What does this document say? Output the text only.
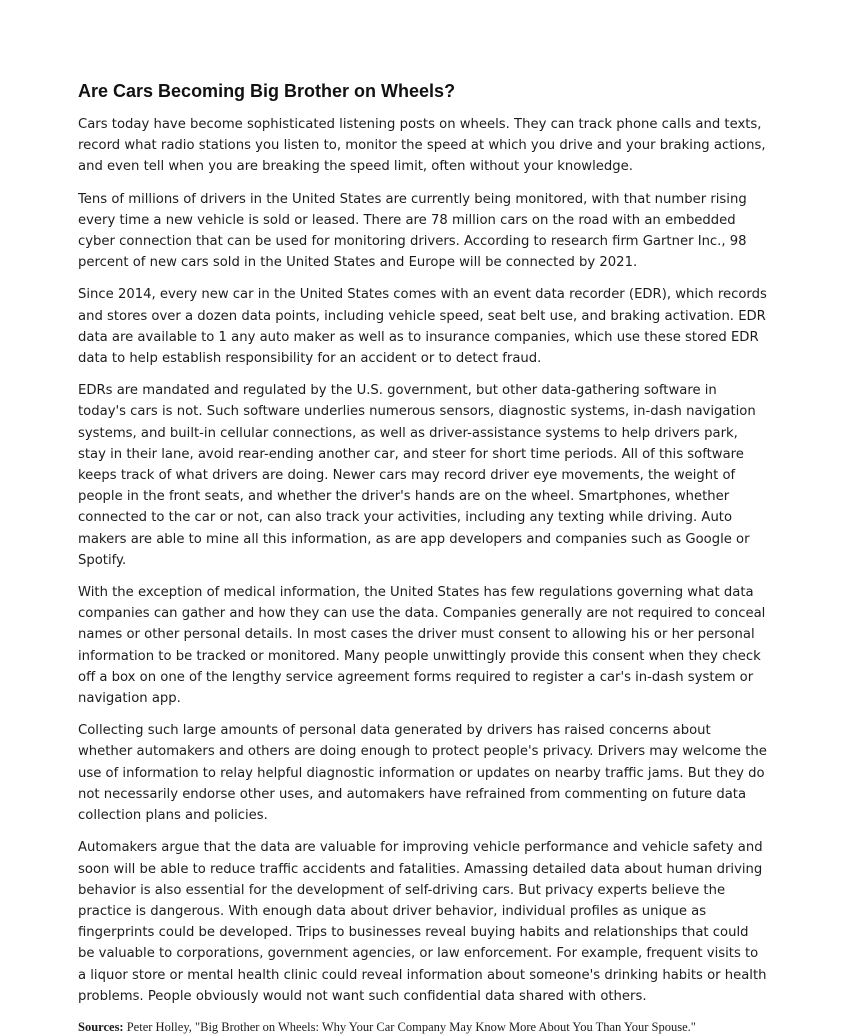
Are Cars Becoming Big Brother on Wheels?

Cars today have become sophisticated listening posts on wheels. They can track phone calls and texts, record what radio stations you listen to, monitor the speed at which you drive and your braking actions, and even tell when you are breaking the speed limit, often without your knowledge.

Tens of millions of drivers in the United States are currently being monitored, with that number rising every time a new vehicle is sold or leased. There are 78 million cars on the road with an embedded cyber connection that can be used for monitoring drivers. According to research firm Gartner Inc., 98 percent of new cars sold in the United States and Europe will be connected by 2021.

Since 2014, every new car in the United States comes with an event data recorder (EDR), which records and stores over a dozen data points, including vehicle speed, seat belt use, and braking activation. EDR data are available to 1 any auto maker as well as to insurance companies, which use these stored EDR data to help establish responsibility for an accident or to detect fraud.

EDRs are mandated and regulated by the U.S. government, but other data-gathering software in today's cars is not. Such software underlies numerous sensors, diagnostic systems, in-dash navigation systems, and built-in cellular connections, as well as driver-assistance systems to help drivers park, stay in their lane, avoid rear-ending another car, and steer for short time periods. All of this software keeps track of what drivers are doing. Newer cars may record driver eye movements, the weight of people in the front seats, and whether the driver's hands are on the wheel. Smartphones, whether connected to the car or not, can also track your activities, including any texting while driving. Auto makers are able to mine all this information, as are app developers and companies such as Google or Spotify.

With the exception of medical information, the United States has few regulations governing what data companies can gather and how they can use the data. Companies generally are not required to conceal names or other personal details. In most cases the driver must consent to allowing his or her personal information to be tracked or monitored. Many people unwittingly provide this consent when they check off a box on one of the lengthy service agreement forms required to register a car's in-dash system or navigation app.

Collecting such large amounts of personal data generated by drivers has raised concerns about whether automakers and others are doing enough to protect people's privacy. Drivers may welcome the use of information to relay helpful diagnostic information or updates on nearby traffic jams. But they do not necessarily endorse other uses, and automakers have refrained from commenting on future data collection plans and policies.

Automakers argue that the data are valuable for improving vehicle performance and vehicle safety and soon will be able to reduce traffic accidents and fatalities. Amassing detailed data about human driving behavior is also essential for the development of self-driving cars. But privacy experts believe the practice is dangerous. With enough data about driver behavior, individual profiles as unique as fingerprints could be developed. Trips to businesses reveal buying habits and relationships that could be valuable to corporations, government agencies, or law enforcement. For example, frequent visits to a liquor store or mental health clinic could reveal information about someone's drinking habits or health problems. People obviously would not want such confidential data shared with others.

Sources: Peter Holley, "Big Brother on Wheels: Why Your Car Company May Know More About You Than Your Spouse."
